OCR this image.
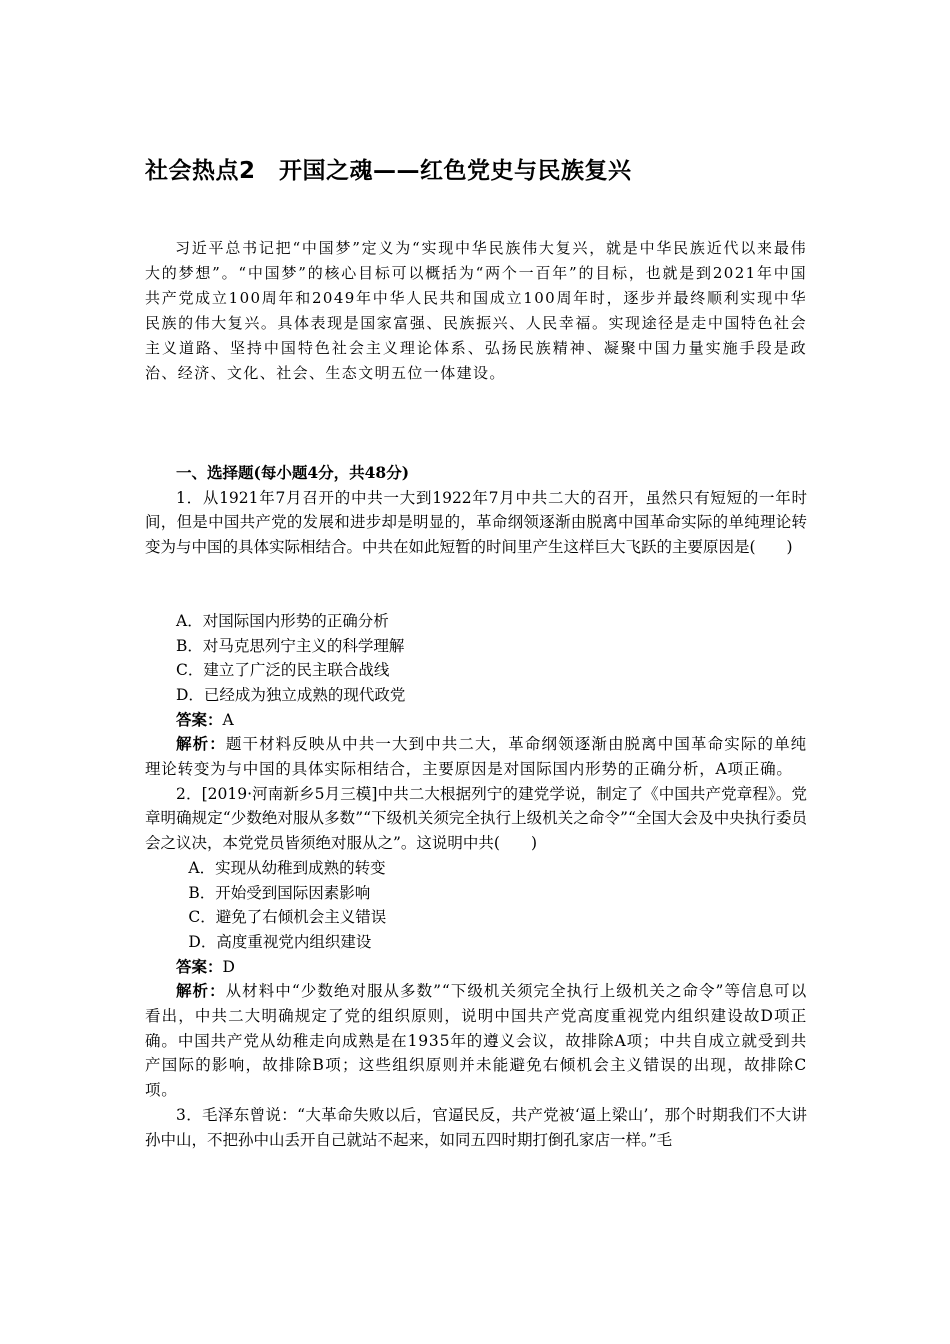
社会热点2　开国之魂——红色党史与民族复兴

习近平总书记把“中国梦”定义为“实现中华民族伟大复兴，就是中华民族近代以来最伟大的梦想”。“中国梦”的核心目标可以概括为“两个一百年”的目标，也就是到2021年中国共产党成立100周年和2049年中华人民共和国成立100周年时，逐步并最终顺利实现中华民族的伟大复兴。具体表现是国家富强、民族振兴、人民幸福。实现途径是走中国特色社会主义道路、坚持中国特色社会主义理论体系、弘扬民族精神、凝聚中国力量实施手段是政治、经济、文化、社会、生态文明五位一体建设。

一、选择题(每小题4分，共48分)

1．从1921年7月召开的中共一大到1922年7月中共二大的召开，虽然只有短短的一年时间，但是中国共产党的发展和进步却是明显的，革命纲领逐渐由脱离中国革命实际的单纯理论转变为与中国的具体实际相结合。中共在如此短暂的时间里产生这样巨大飞跃的主要原因是(　　)

A．对国际国内形势的正确分析

B．对马克思列宁主义的科学理解

C．建立了广泛的民主联合战线

D．已经成为独立成熟的现代政党

答案：A

解析：题干材料反映从中共一大到中共二大，革命纲领逐渐由脱离中国革命实际的单纯理论转变为与中国的具体实际相结合，主要原因是对国际国内形势的正确分析，A项正确。

2．[2019·河南新乡5月三模]中共二大根据列宁的建党学说，制定了《中国共产党章程》。党章明确规定“少数绝对服从多数”“下级机关须完全执行上级机关之命令”“全国大会及中央执行委员会之议决，本党党员皆须绝对服从之”。这说明中共(　　)

A．实现从幼稚到成熟的转变

B．开始受到国际因素影响

C．避免了右倾机会主义错误

D．高度重视党内组织建设

答案：D

解析：从材料中“少数绝对服从多数”“下级机关须完全执行上级机关之命令”等信息可以看出，中共二大明确规定了党的组织原则，说明中国共产党高度重视党内组织建设故D项正确。中国共产党从幼稚走向成熟是在1935年的遵义会议，故排除A项；中共自成立就受到共产国际的影响，故排除B项；这些组织原则并未能避免右倾机会主义错误的出现，故排除C项。

3．毛泽东曾说：“大革命失败以后，官逼民反，共产党被‘逼上梁山’，那个时期我们不大讲孙中山，不把孙中山丢开自己就站不起来，如同五四时期打倒孔家店一样。”毛
